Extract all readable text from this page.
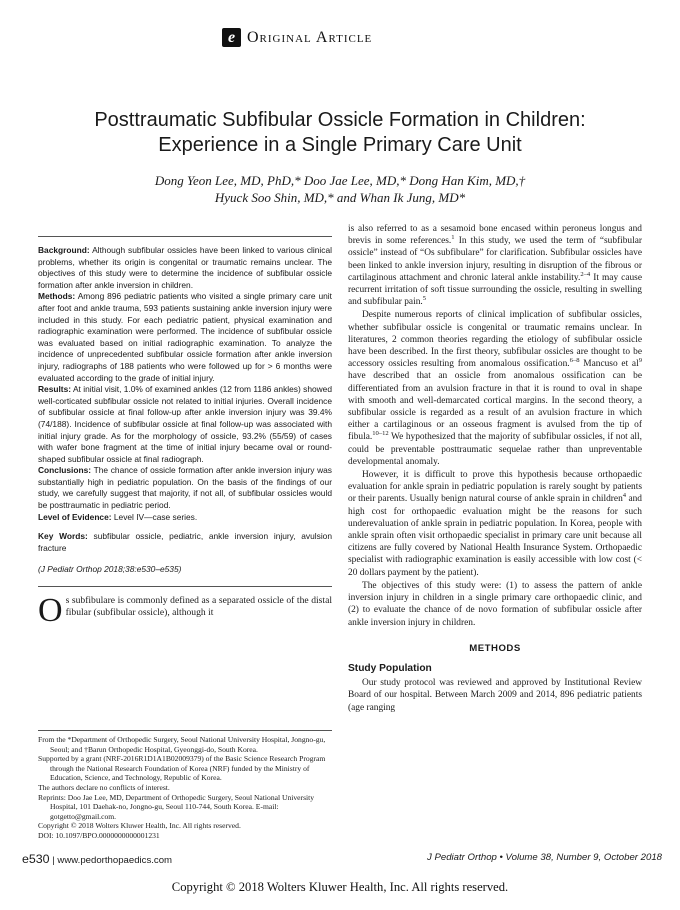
e Original Article
Posttraumatic Subfibular Ossicle Formation in Children:
Experience in a Single Primary Care Unit

Dong Yeon Lee, MD, PhD,* Doo Jae Lee, MD,* Dong Han Kim, MD,†
Hyuck Soo Shin, MD,* and Whan Ik Jung, MD*

Background: Although subfibular ossicles have been linked to various clinical problems, whether its origin is congenital or traumatic remains unclear. The objectives of this study were to determine the incidence of subfibular ossicle formation after ankle inversion in children.

Methods: Among 896 pediatric patients who visited a single primary care unit after foot and ankle trauma, 593 patients sustaining ankle inversion injury were included in this study. For each pediatric patient, physical examination and radiographic examination were performed. The incidence of subfibular ossicle was evaluated based on initial radiographic examination. To analyze the incidence of unprecedented subfibular ossicle formation after ankle inversion injury, radiographs of 188 patients who were followed up for > 6 months were evaluated according to the grade of initial injury.

Results: At initial visit, 1.0% of examined ankles (12 from 1186 ankles) showed well-corticated subfibular ossicle not related to initial injuries. Overall incidence of subfibular ossicle at final follow-up after ankle inversion injury was 39.4% (74/188). Incidence of subfibular ossicle at final follow-up was associated with initial injury grade. As for the morphology of ossicle, 93.2% (55/59) of cases with wafer bone fragment at the time of initial injury became oval or round-shaped subfibular ossicle at final radiograph.

Conclusions: The chance of ossicle formation after ankle inversion injury was substantially high in pediatric population. On the basis of the findings of our study, we carefully suggest that majority, if not all, of subfibular ossicles would be posttraumatic in pediatric period.

Level of Evidence: Level IV—case series.

Key Words: subfibular ossicle, pediatric, ankle inversion injury, avulsion fracture

(J Pediatr Orthop 2018;38:e530–e535)

Os subfibulare is commonly defined as a separated ossicle of the distal fibular (subfibular ossicle), although it

From the *Department of Orthopedic Surgery, Seoul National University Hospital, Jongno-gu, Seoul; and †Barun Orthopedic Hospital, Gyeonggi-do, South Korea.

Supported by a grant (NRF-2016R1D1A1B02009379) of the Basic Science Research Program through the National Research Foundation of Korea (NRF) funded by the Ministry of Education, Science, and Technology, Republic of Korea.

The authors declare no conflicts of interest.

Reprints: Doo Jae Lee, MD, Department of Orthopedic Surgery, Seoul National University Hospital, 101 Daehak-no, Jongno-gu, Seoul 110-744, South Korea. E-mail: gotgetto@gmail.com.

Copyright © 2018 Wolters Kluwer Health, Inc. All rights reserved.

DOI: 10.1097/BPO.0000000000001231

is also referred to as a sesamoid bone encased within peroneus longus and brevis in some references.$^1$ In this study, we used the term of “subfibular ossicle” instead of “Os subfibulare” for clarification. Subfibular ossicles have been linked to ankle inversion injury, resulting in disruption of the fibrous or cartilaginous attachment and chronic lateral ankle instability.$^{2-4}$ It may cause recurrent irritation of soft tissue surrounding the ossicle, resulting in swelling and subfibular pain.$^5$

Despite numerous reports of clinical implication of subfibular ossicles, whether subfibular ossicle is congenital or traumatic remains unclear. In literatures, 2 common theories regarding the etiology of subfibular ossicle have been described. In the first theory, subfibular ossicles are thought to be accessory ossicles resulting from anomalous ossification.$^{6-8}$ Mancuso et $al^9$ have described that an ossicle from anomalous ossification can be differentiated from an avulsion fracture in that it is round to oval in shape with smooth and well-demarcated cortical margins. In the second theory, a subfibular ossicle is regarded as a result of an avulsion fracture in which either a cartilaginous or an osseous fragment is avulsed from the tip of fibula.$^{10-12}$ We hypothesized that the majority of subfibular ossicles, if not all, could be preventable posttraumatic sequelae rather than unpreventable developmental anomaly.

However, it is difficult to prove this hypothesis because orthopaedic evaluation for ankle sprain in pediatric population is rarely sought by patients or their parents. Usually benign natural course of ankle sprain in children$^4$ and high cost for orthopaedic evaluation might be the reasons for such underevaluation of ankle sprain in pediatric population. In Korea, people with ankle sprain often visit orthopaedic specialist in primary care unit because all citizens are fully covered by National Health Insurance System. Orthopaedic specialist with radiographic examination is easily accessible with low cost (< 20 dollars payment by the patient).

The objectives of this study were: (1) to assess the pattern of ankle inversion injury in children in a single primary care orthopaedic clinic, and (2) to evaluate the chance of de novo formation of subfibular ossicle after ankle inversion injury in children.

METHODS

Study Population

Our study protocol was reviewed and approved by Institutional Review Board of our hospital. Between March 2009 and 2014, 896 pediatric patients (age ranging

e530 | www.pedorthopaedics.com	J Pediatr Orthop • Volume 38, Number 9, October 2018
Copyright © 2018 Wolters Kluwer Health, Inc. All rights reserved.
